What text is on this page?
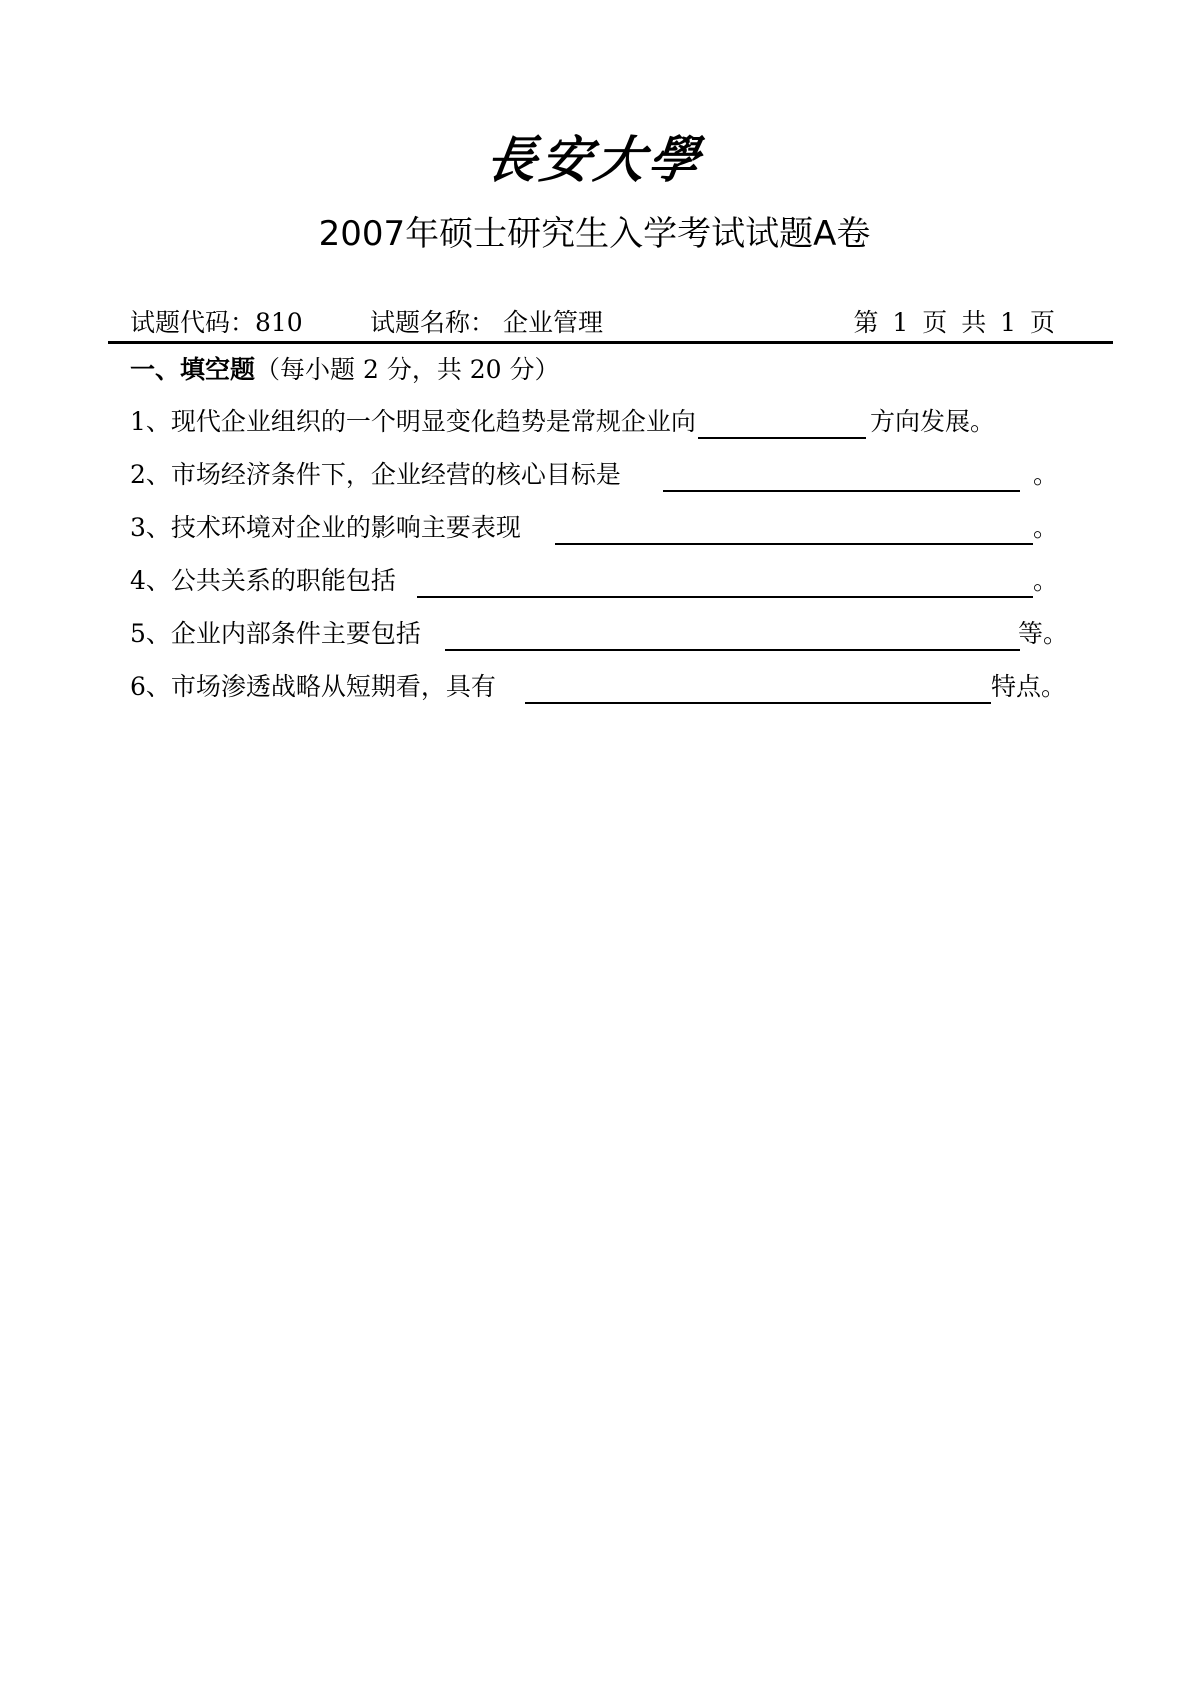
長安大學
2007年硕士研究生入学考试试题A卷
试题代码：810	试题名称： 企业管理	第 1 页 共 1 页
一、填空题（每小题 2 分，共 20 分）
1、现代企业组织的一个明显变化趋势是常规企业向	方向发展。
2、市场经济条件下，企业经营的核心目标是	。
3、技术环境对企业的影响主要表现	。
4、公共关系的职能包括	。
5、企业内部条件主要包括	等。
6、市场渗透战略从短期看，具有	特点。
